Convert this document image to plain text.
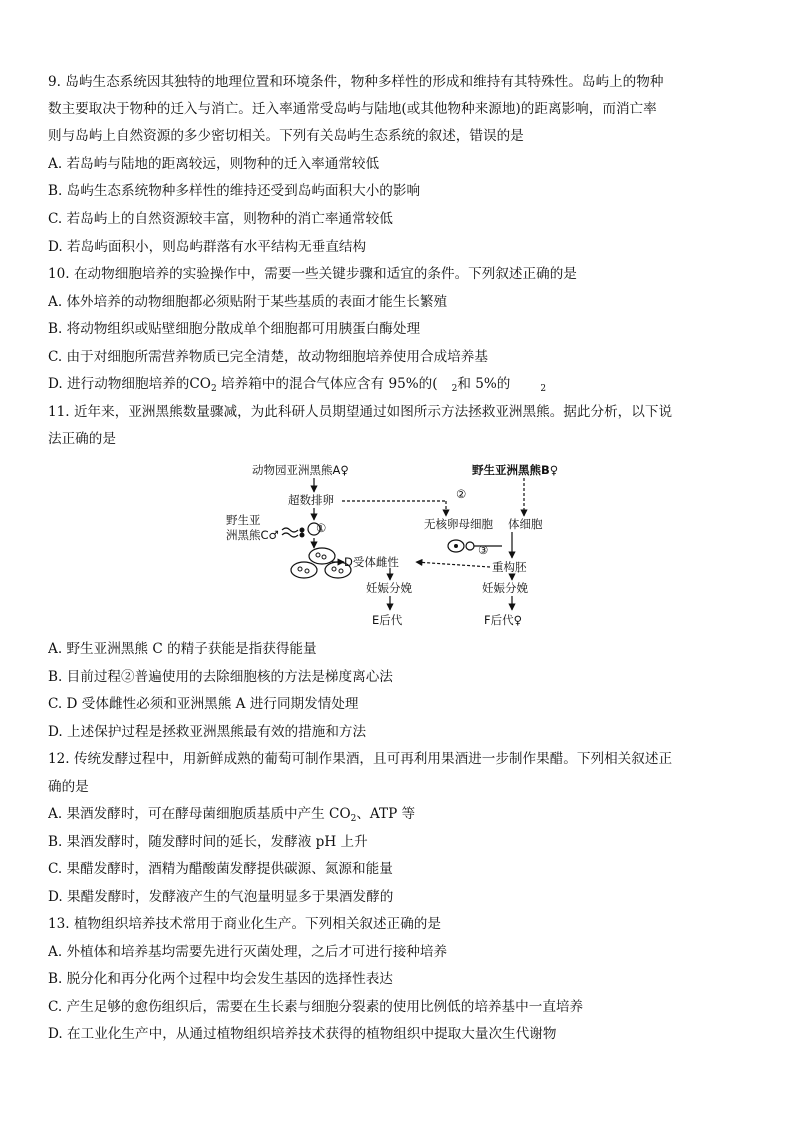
9. 岛屿生态系统因其独特的地理位置和环境条件，物种多样性的形成和维持有其特殊性。岛屿上的物种
数主要取决于物种的迁入与消亡。迁入率通常受岛屿与陆地(或其他物种来源地)的距离影响，而消亡率
则与岛屿上自然资源的多少密切相关。下列有关岛屿生态系统的叙述，错误的是
A. 若岛屿与陆地的距离较远，则物种的迁入率通常较低
B. 岛屿生态系统物种多样性的维持还受到岛屿面积大小的影响
C. 若岛屿上的自然资源较丰富，则物种的消亡率通常较低
D. 若岛屿面积小，则岛屿群落有水平结构无垂直结构
10. 在动物细胞培养的实验操作中，需要一些关键步骤和适宜的条件。下列叙述正确的是
A. 体外培养的动物细胞都必须贴附于某些基质的表面才能生长繁殖
B. 将动物组织或贴壁细胞分散成单个细胞都可用胰蛋白酶处理
C. 由于对细胞所需营养物质已完全清楚，故动物细胞培养使用合成培养基
D. 进行动物细胞培养的$CO_2$ 培养箱中的混合气体应含有 95%的( $_2$和 5%的	$_2$
11. 近年来，亚洲黑熊数量骤减，为此科研人员期望通过如图所示方法拯救亚洲黑熊。据此分析，以下说
法正确的是
动物园亚洲黑熊A♀	野生亚洲黑熊B♀
超数排卵	②
野生亚
洲黑熊C♂	①	无核卵母细胞 体细胞
③
D受体雌性	重构胚
妊娠分娩	妊娠分娩
E后代	F后代♀
A. 野生亚洲黑熊 C 的精子获能是指获得能量
B. 目前过程②普遍使用的去除细胞核的方法是梯度离心法
C. D 受体雌性必须和亚洲黑熊 A 进行同期发情处理
D. 上述保护过程是拯救亚洲黑熊最有效的措施和方法
12. 传统发酵过程中，用新鲜成熟的葡萄可制作果酒，且可再利用果酒进一步制作果醋。下列相关叙述正
确的是
A. 果酒发酵时，可在酵母菌细胞质基质中产生 $CO_2$、ATP 等
B. 果酒发酵时，随发酵时间的延长，发酵液 pH 上升
C. 果醋发酵时，酒精为醋酸菌发酵提供碳源、氮源和能量
D. 果醋发酵时，发酵液产生的气泡量明显多于果酒发酵的
13. 植物组织培养技术常用于商业化生产。下列相关叙述正确的是
A. 外植体和培养基均需要先进行灭菌处理，之后才可进行接种培养
B. 脱分化和再分化两个过程中均会发生基因的选择性表达
C. 产生足够的愈伤组织后，需要在生长素与细胞分裂素的使用比例低的培养基中一直培养
D. 在工业化生产中，从通过植物组织培养技术获得的植物组织中提取大量次生代谢物
